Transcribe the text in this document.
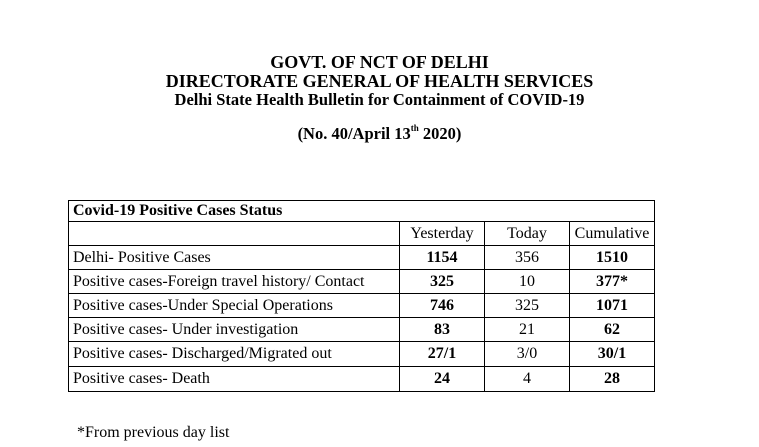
GOVT. OF NCT OF DELHI
DIRECTORATE GENERAL OF HEALTH SERVICES
Delhi State Health Bulletin for Containment of COVID-19
(No. 40/April 13th 2020)
Covid-19 Positive Cases Status			
	Yesterday	Today	Cumulative
Delhi- Positive Cases	1154	356	1510
Positive cases-Foreign travel history/ Contact	325	10	377*
Positive cases-Under Special Operations	746	325	1071
Positive cases- Under investigation	83	21	62
Positive cases- Discharged/Migrated out	27/1	3/0	30/1
Positive cases- Death	24	4	28
*From previous day list
